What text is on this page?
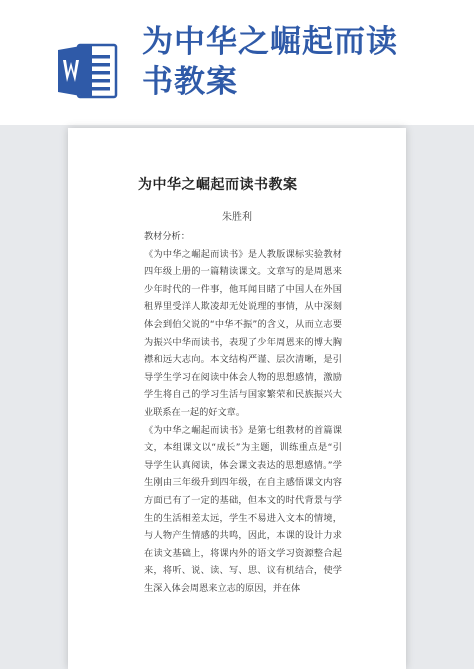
为中华之崛起而读
书教案
为中华之崛起而读书教案

朱胜利

教材分析：

《为中华之崛起而读书》是人教版课标实验教材四年级上册的一篇精读课文。文章写的是周恩来少年时代的一件事，他耳闻目睹了中国人在外国租界里受洋人欺凌却无处说理的事情，从中深刻体会到伯父说的“中华不振”的含义，从而立志要为振兴中华而读书，表现了少年周恩来的博大胸襟和远大志向。本文结构严谨、层次清晰，是引导学生学习在阅读中体会人物的思想感情，激励学生将自己的学习生活与国家繁荣和民族振兴大业联系在一起的好文章。

《为中华之崛起而读书》是第七组教材的首篇课文，本组课文以“成长”为主题，训练重点是“引导学生认真阅读，体会课文表达的思想感情。”学生刚由三年级升到四年级，在自主感悟课文内容方面已有了一定的基础，但本文的时代背景与学生的生活相差太远，学生不易进入文本的情境，与人物产生情感的共鸣，因此，本课的设计力求在读文基础上，将课内外的语文学习资源整合起来，将听、说、读、写、思、议有机结合，使学生深入体会周恩来立志的原因，并在体
